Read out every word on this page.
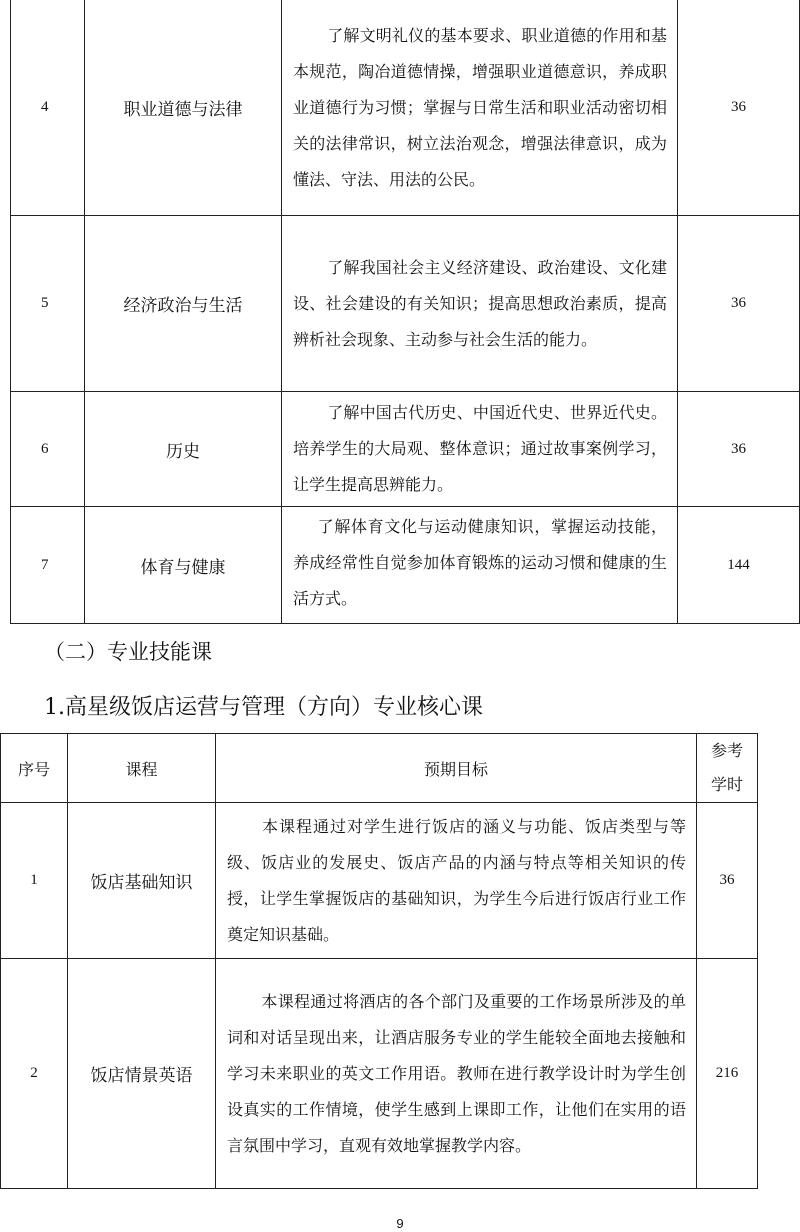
4	职业道德与法律	了解文明礼仪的基本要求、职业道德的作用和基本规范，陶冶道德情操，增强职业道德意识，养成职业道德行为习惯；掌握与日常生活和职业活动密切相关的法律常识，树立法治观念，增强法律意识，成为懂法、守法、用法的公民。	36
5	经济政治与生活	了解我国社会主义经济建设、政治建设、文化建设、社会建设的有关知识；提高思想政治素质，提高辨析社会现象、主动参与社会生活的能力。	36
6	历史	了解中国古代历史、中国近代史、世界近代史。培养学生的大局观、整体意识；通过故事案例学习，让学生提高思辨能力。	36
7	体育与健康	了解体育文化与运动健康知识，掌握运动技能，养成经常性自觉参加体育锻炼的运动习惯和健康的生活方式。	144
（二）专业技能课
1.高星级饭店运营与管理（方向）专业核心课
序号	课程	预期目标	参考
学时
1	饭店基础知识	本课程通过对学生进行饭店的涵义与功能、饭店类型与等级、饭店业的发展史、饭店产品的内涵与特点等相关知识的传授，让学生掌握饭店的基础知识，为学生今后进行饭店行业工作奠定知识基础。	36
2	饭店情景英语	本课程通过将酒店的各个部门及重要的工作场景所涉及的单词和对话呈现出来，让酒店服务专业的学生能较全面地去接触和学习未来职业的英文工作用语。教师在进行教学设计时为学生创设真实的工作情境，使学生感到上课即工作，让他们在实用的语言氛围中学习，直观有效地掌握教学内容。	216
9
